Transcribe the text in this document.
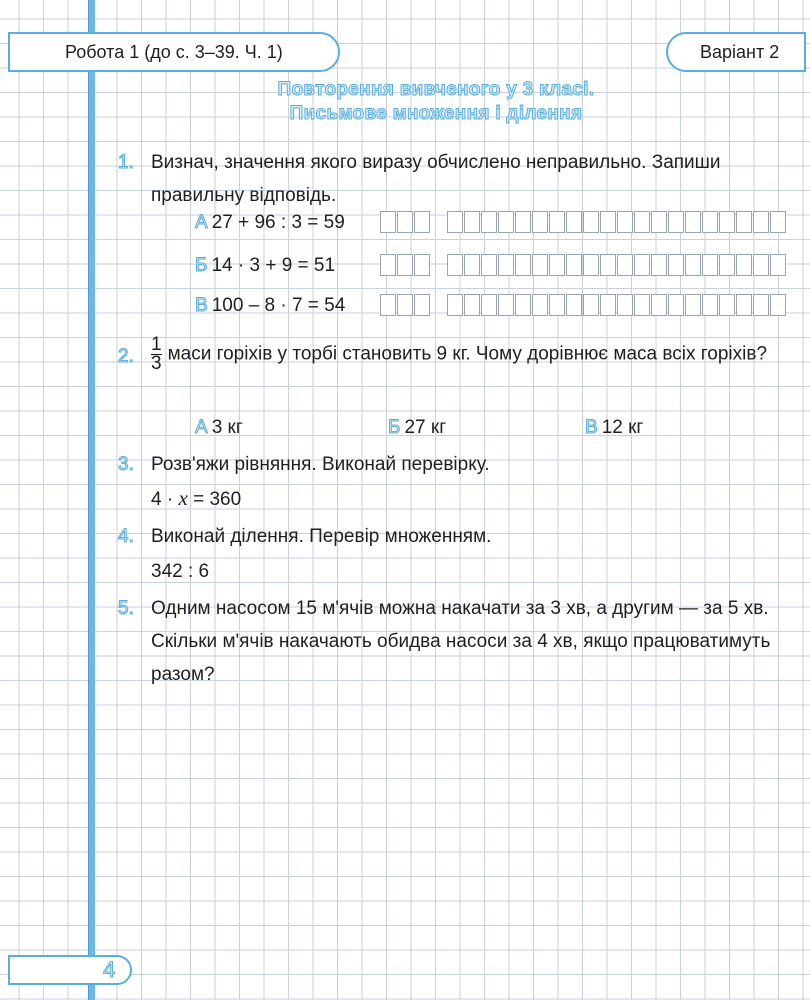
Робота 1 (до с. 3–39. Ч. 1)	Варіант 2
Повторення вивченого у 3 класі.
Письмове множення і ділення
1. Визнач, значення якого виразу обчислено неправильно. Запиши правильну відповідь.
А 27 + 96 : 3 = 59
Б 14 · 3 + 9 = 51
В 100 – 8 · 7 = 54
2. $\frac{1}{3}$ маси горіхів у торбі становить 9 кг. Чому дорівнює маса всіх горіхів?
А 3 кг	Б 27 кг	В 12 кг
3. Розв'яжи рівняння. Виконай перевірку.
4 · x = 360
4. Виконай ділення. Перевір множенням.
342 : 6
5. Одним насосом 15 м'ячів можна накачати за 3 хв, а другим — за 5 хв. Скільки м'ячів накачають обидва насоси за 4 хв, якщо працюватимуть разом?
4
